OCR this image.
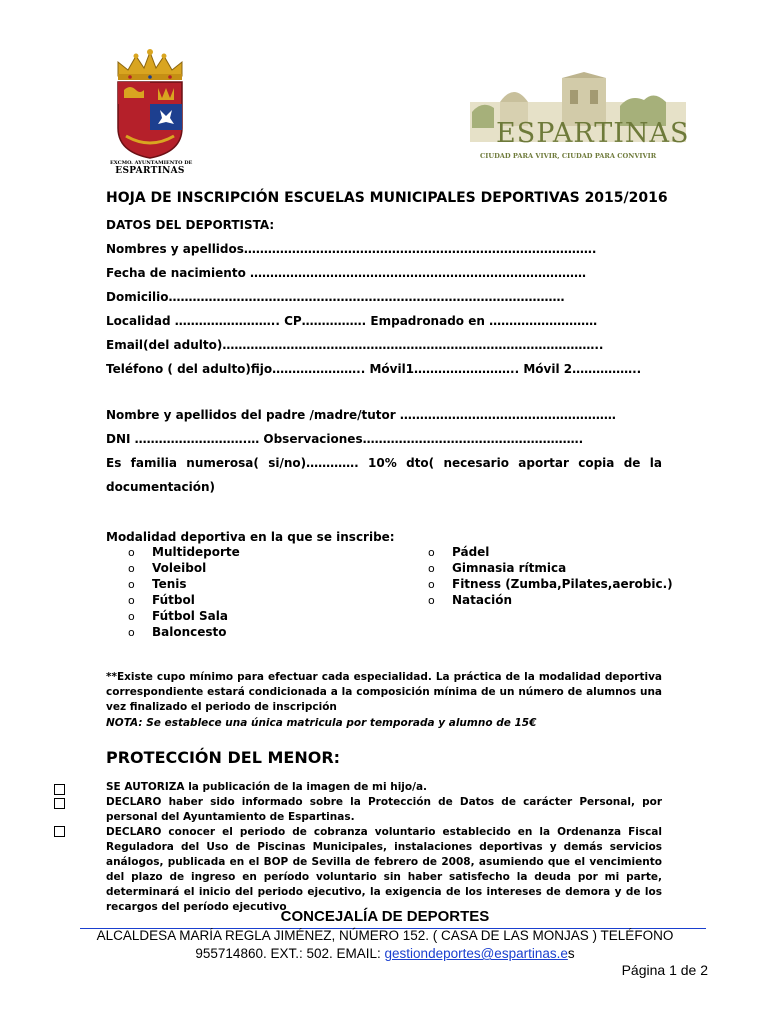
EXCMO. AYUNTAMIENTO DE
ESPARTINAS
ESPARTINAS
CIUDAD PARA VIVIR, CIUDAD PARA CONVIVIR
HOJA DE INSCRIPCIÓN ESCUELAS MUNICIPALES DEPORTIVAS 2015/2016
DATOS DEL DEPORTISTA:
Nombres y apellidos…………………………………………………………………………….
Fecha de nacimiento …………………………………………………………………………
Domicilio………………………………………………………………………………………
Localidad …………………….. CP……………. Empadronado en ………………………
Email(del adulto)…………………………………………………………………………………..
Teléfono ( del adulto)fijo………………….. Móvil1…………………….. Móvil 2……………..
Nombre y apellidos del padre /madre/tutor ………………………………………………
DNI ……………………….… Observaciones……………………………………………….
Es familia numerosa( si/no)…………. 10% dto( necesario aportar copia de la
documentación)
Modalidad deportiva en la que se inscribe:
o	Multideporte
o	Voleibol
o	Tenis
o	Fútbol
o	Fútbol Sala
o	Baloncesto
o	Pádel
o	Gimnasia rítmica
o	Fitness (Zumba,Pilates,aerobic.)
o	Natación
**Existe cupo mínimo para efectuar cada especialidad. La práctica de la modalidad deportiva correspondiente estará condicionada a la composición mínima de un número de alumnos una vez finalizado el periodo de inscripción
NOTA: Se establece una única matricula por temporada y alumno de 15€
PROTECCIÓN DEL MENOR:
SE AUTORIZA la publicación de la imagen de mi hijo/a.
DECLARO haber sido informado sobre la Protección de Datos de carácter Personal, por personal del Ayuntamiento de Espartinas.
DECLARO conocer el periodo de cobranza voluntario establecido en la Ordenanza Fiscal Reguladora del Uso de Piscinas Municipales, instalaciones deportivas y demás servicios análogos, publicada en el BOP de Sevilla de febrero de 2008, asumiendo que el vencimiento del plazo de ingreso en período voluntario sin haber satisfecho la deuda por mi parte, determinará el inicio del periodo ejecutivo, la exigencia de los intereses de demora y de los recargos del período ejecutivo
CONCEJALÍA DE DEPORTES
ALCALDESA MARÍA REGLA JIMÉNEZ, NÚMERO 152. ( CASA DE LAS MONJAS ) TELÉFONO
955714860. EXT.: 502. EMAIL: gestiondeportes@espartinas.es
Página 1 de 2
